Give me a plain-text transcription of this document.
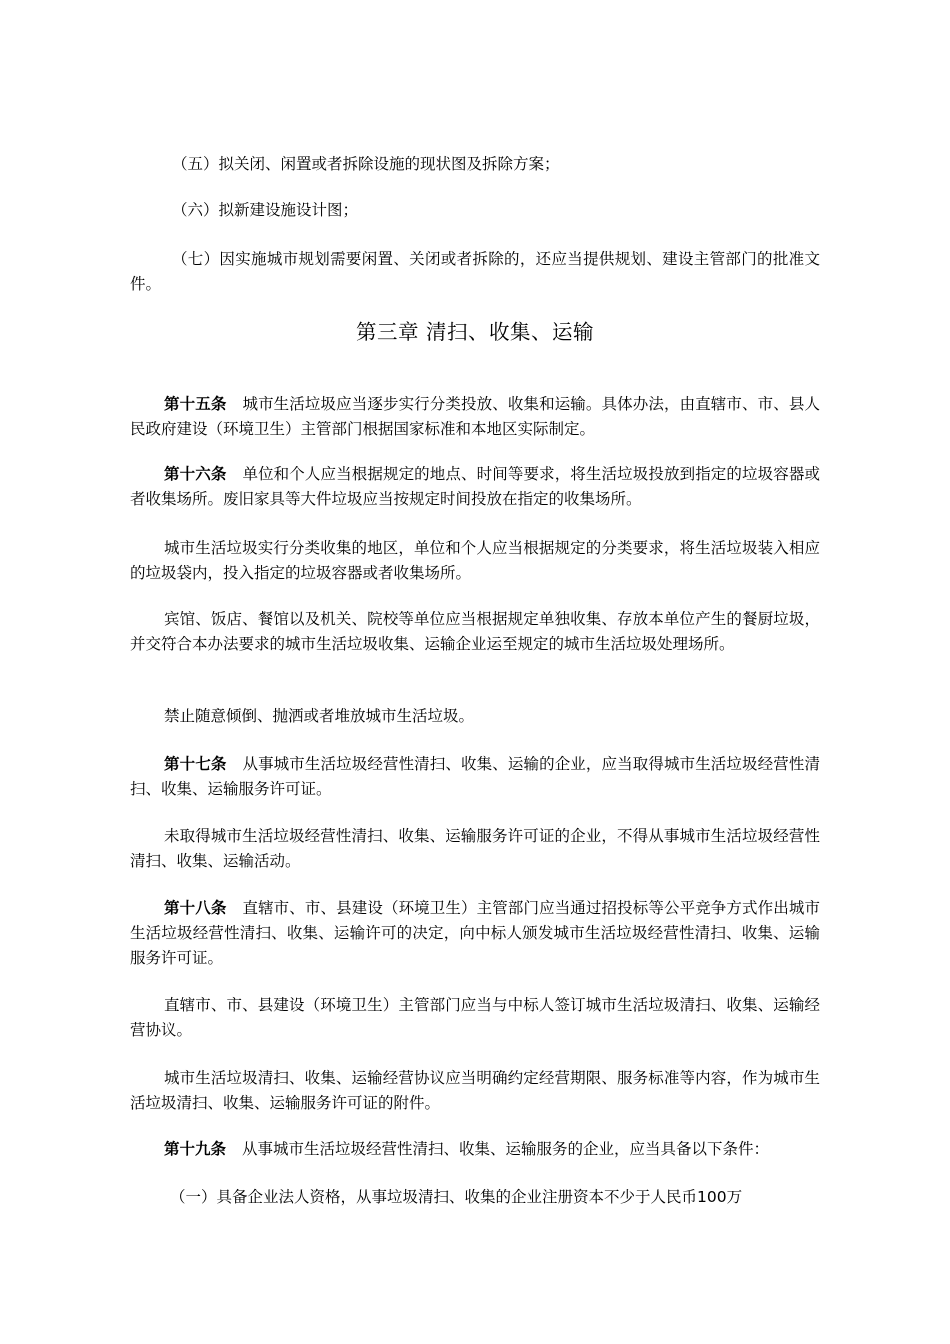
（五）拟关闭、闲置或者拆除设施的现状图及拆除方案；

（六）拟新建设施设计图；

（七）因实施城市规划需要闲置、关闭或者拆除的，还应当提供规划、建设主管部门的批准文件。

第三章 清扫、收集、运输

第十五条 城市生活垃圾应当逐步实行分类投放、收集和运输。具体办法，由直辖市、市、县人民政府建设（环境卫生）主管部门根据国家标准和本地区实际制定。

第十六条 单位和个人应当根据规定的地点、时间等要求，将生活垃圾投放到指定的垃圾容器或者收集场所。废旧家具等大件垃圾应当按规定时间投放在指定的收集场所。

城市生活垃圾实行分类收集的地区，单位和个人应当根据规定的分类要求，将生活垃圾装入相应的垃圾袋内，投入指定的垃圾容器或者收集场所。

宾馆、饭店、餐馆以及机关、院校等单位应当根据规定单独收集、存放本单位产生的餐厨垃圾，并交符合本办法要求的城市生活垃圾收集、运输企业运至规定的城市生活垃圾处理场所。

禁止随意倾倒、抛洒或者堆放城市生活垃圾。

第十七条 从事城市生活垃圾经营性清扫、收集、运输的企业，应当取得城市生活垃圾经营性清扫、收集、运输服务许可证。

未取得城市生活垃圾经营性清扫、收集、运输服务许可证的企业，不得从事城市生活垃圾经营性清扫、收集、运输活动。

第十八条 直辖市、市、县建设（环境卫生）主管部门应当通过招投标等公平竞争方式作出城市生活垃圾经营性清扫、收集、运输许可的决定，向中标人颁发城市生活垃圾经营性清扫、收集、运输服务许可证。

直辖市、市、县建设（环境卫生）主管部门应当与中标人签订城市生活垃圾清扫、收集、运输经营协议。

城市生活垃圾清扫、收集、运输经营协议应当明确约定经营期限、服务标准等内容，作为城市生活垃圾清扫、收集、运输服务许可证的附件。

第十九条 从事城市生活垃圾经营性清扫、收集、运输服务的企业，应当具备以下条件：

（一）具备企业法人资格，从事垃圾清扫、收集的企业注册资本不少于人民币100万
